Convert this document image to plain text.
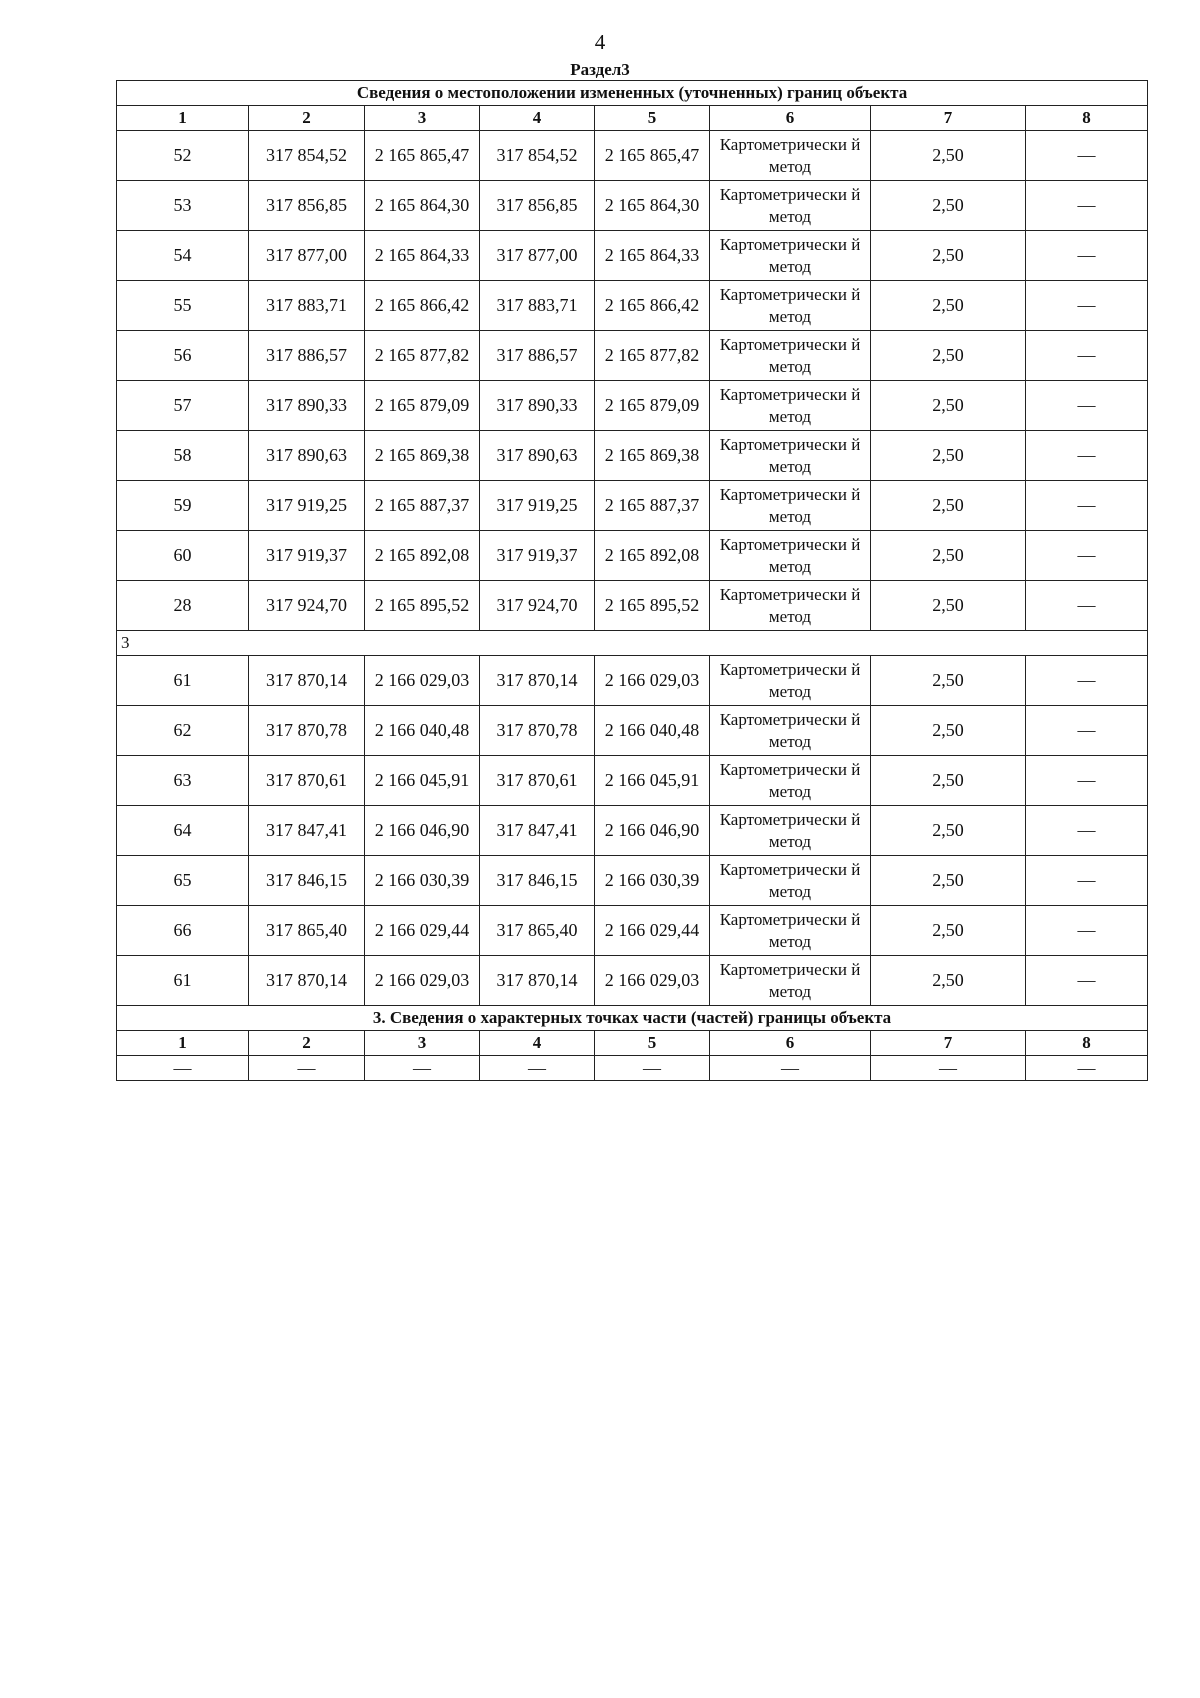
4
Раздел3
Сведения о местоположении измененных (уточненных) границ объекта							
1	2	3	4	5	6	7	8
52	317 854,52	2 165 865,47	317 854,52	2 165 865,47	Картометрически й метод	2,50	—
53	317 856,85	2 165 864,30	317 856,85	2 165 864,30	Картометрически й метод	2,50	—
54	317 877,00	2 165 864,33	317 877,00	2 165 864,33	Картометрически й метод	2,50	—
55	317 883,71	2 165 866,42	317 883,71	2 165 866,42	Картометрически й метод	2,50	—
56	317 886,57	2 165 877,82	317 886,57	2 165 877,82	Картометрически й метод	2,50	—
57	317 890,33	2 165 879,09	317 890,33	2 165 879,09	Картометрически й метод	2,50	—
58	317 890,63	2 165 869,38	317 890,63	2 165 869,38	Картометрически й метод	2,50	—
59	317 919,25	2 165 887,37	317 919,25	2 165 887,37	Картометрически й метод	2,50	—
60	317 919,37	2 165 892,08	317 919,37	2 165 892,08	Картометрически й метод	2,50	—
28	317 924,70	2 165 895,52	317 924,70	2 165 895,52	Картометрически й метод	2,50	—
3							
61	317 870,14	2 166 029,03	317 870,14	2 166 029,03	Картометрически й метод	2,50	—
62	317 870,78	2 166 040,48	317 870,78	2 166 040,48	Картометрически й метод	2,50	—
63	317 870,61	2 166 045,91	317 870,61	2 166 045,91	Картометрически й метод	2,50	—
64	317 847,41	2 166 046,90	317 847,41	2 166 046,90	Картометрически й метод	2,50	—
65	317 846,15	2 166 030,39	317 846,15	2 166 030,39	Картометрически й метод	2,50	—
66	317 865,40	2 166 029,44	317 865,40	2 166 029,44	Картометрически й метод	2,50	—
61	317 870,14	2 166 029,03	317 870,14	2 166 029,03	Картометрически й метод	2,50	—
3. Сведения о характерных точках части (частей) границы объекта							
1	2	3	4	5	6	7	8
—	—	—	—	—	—	—	—
